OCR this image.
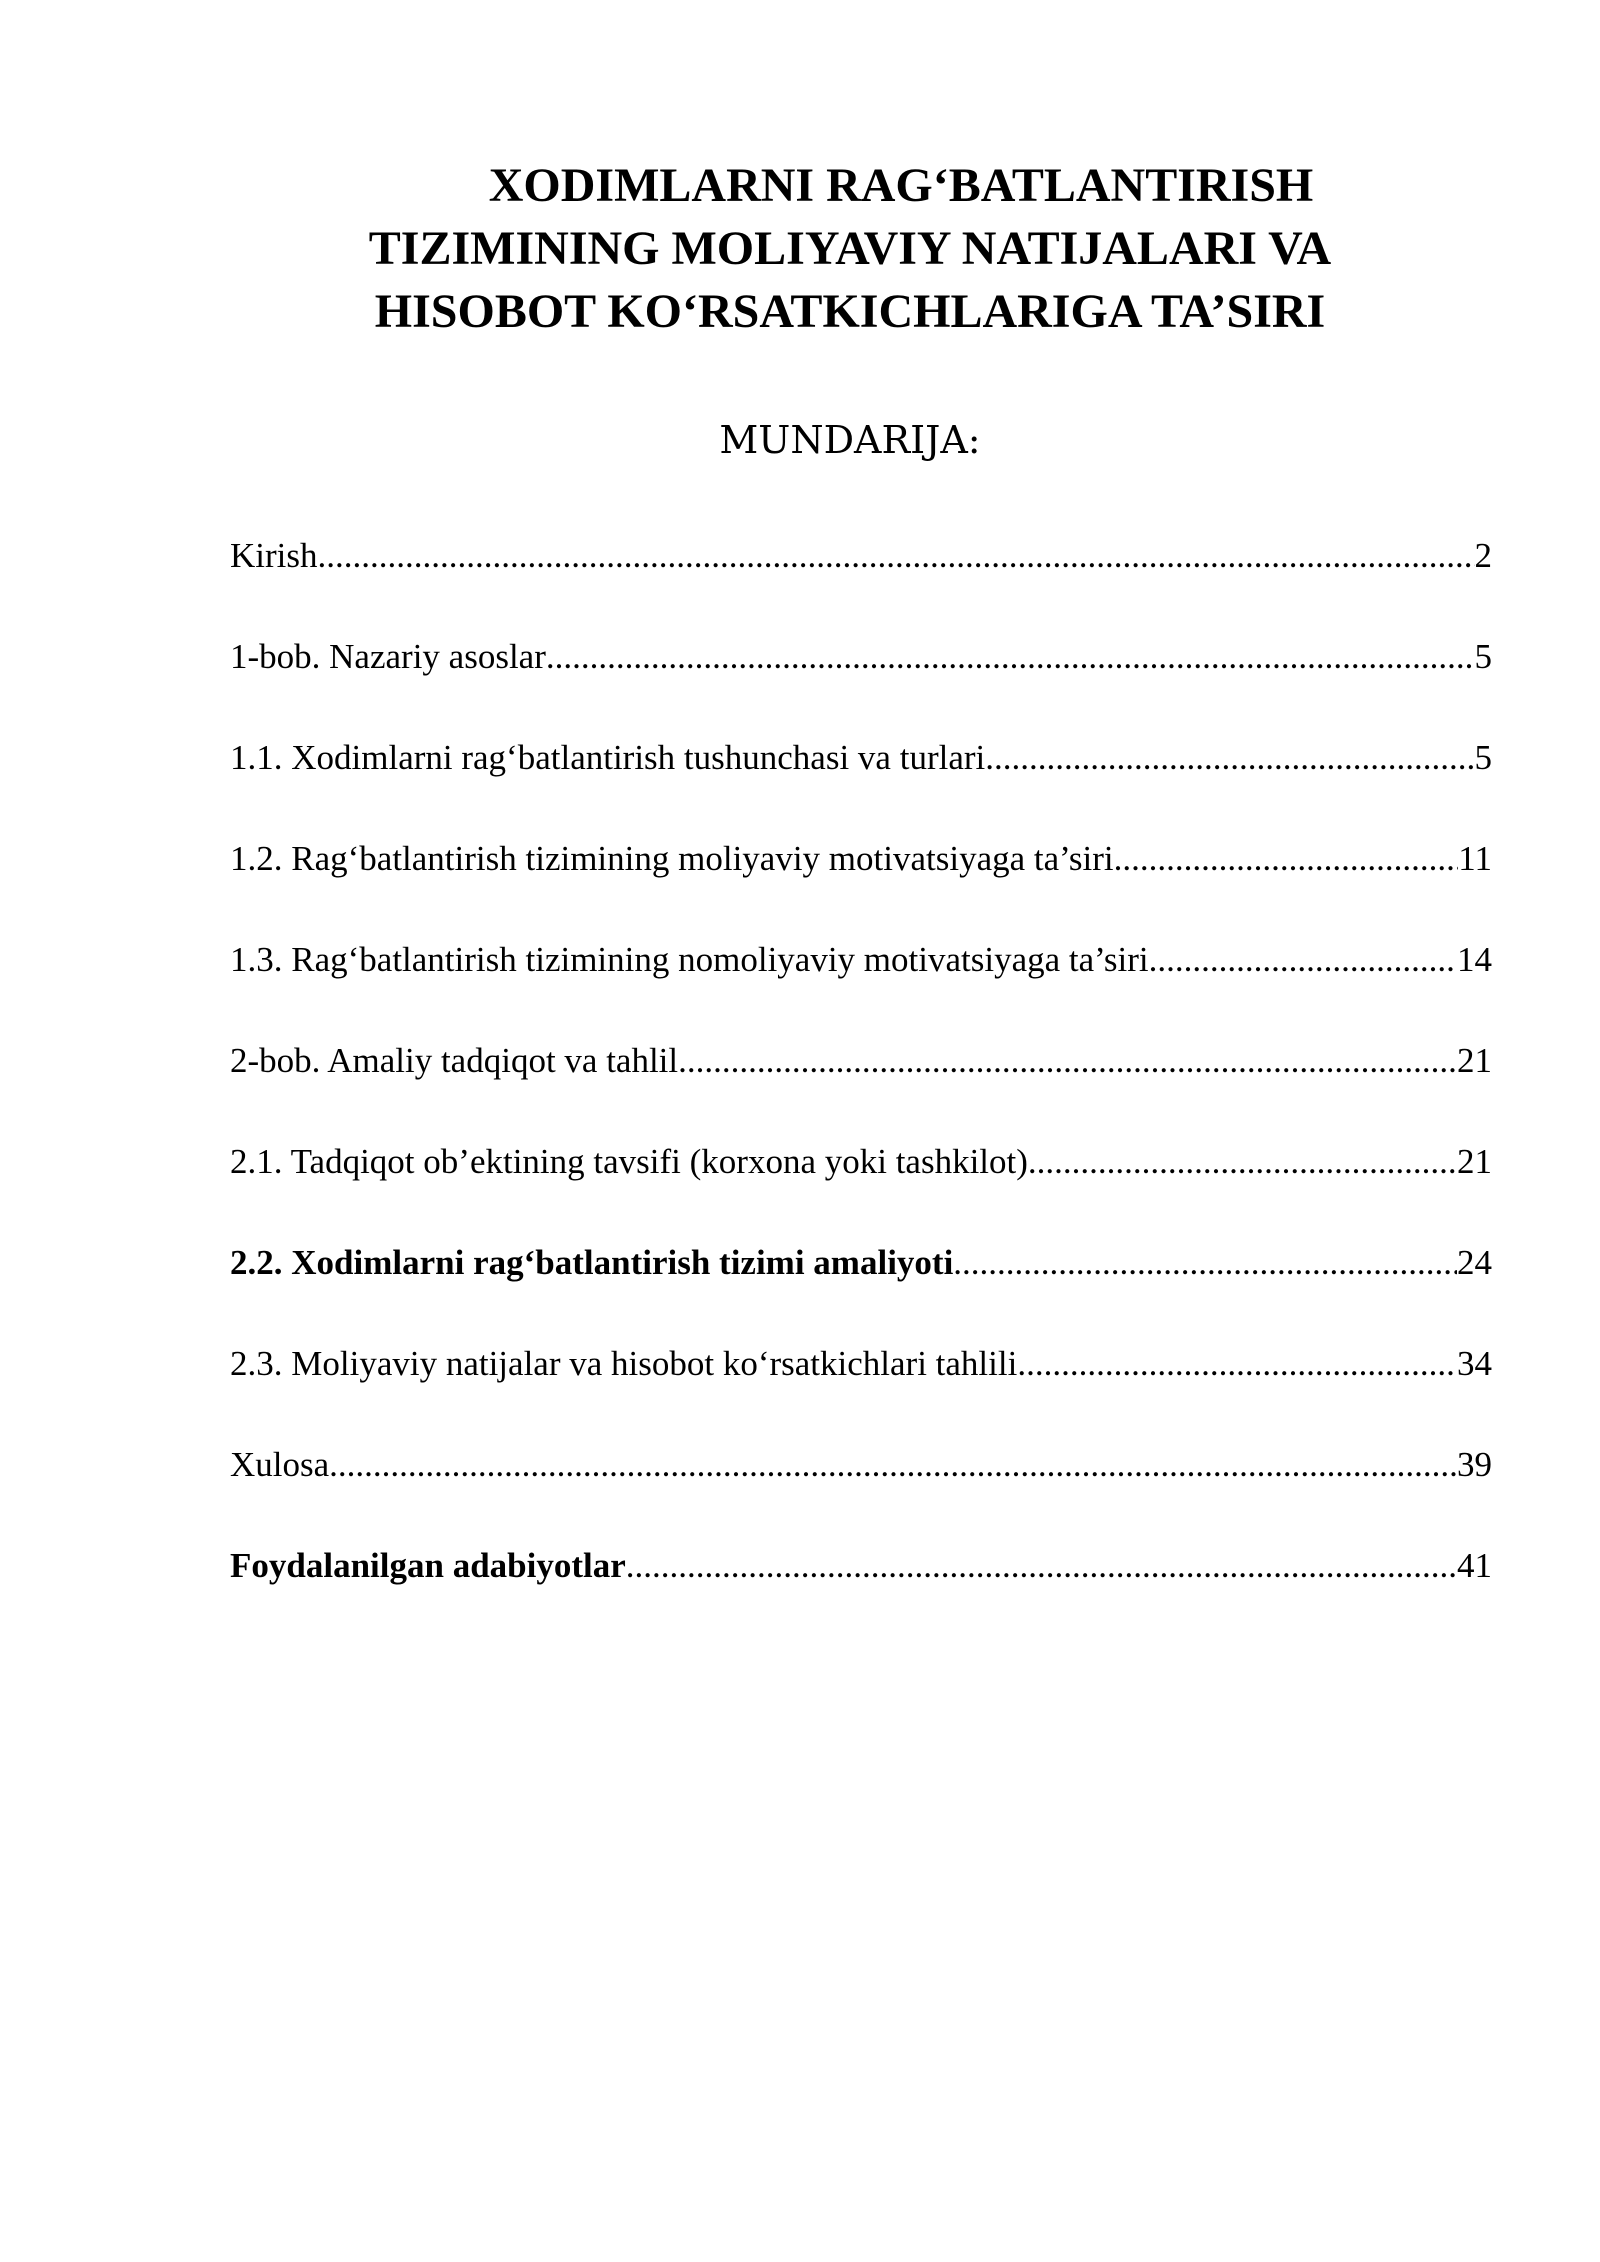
XODIMLARNI RAG‘BATLANTIRISH
TIZIMINING MOLIYAVIY NATIJALARI VA
HISOBOT KO‘RSATKICHLARIGA TA’SIRI
MUNDARIJA:
Kirish .....	2
1-bob. Nazariy asoslar .....	5
1.1. Xodimlarni rag‘batlantirish tushunchasi va turlari .....	5
1.2. Rag‘batlantirish tizimining moliyaviy motivatsiyaga ta’siri .....	11
1.3. Rag‘batlantirish tizimining nomoliyaviy motivatsiyaga ta’siri .....	14
2-bob. Amaliy tadqiqot va tahlil .....	21
2.1. Tadqiqot ob’ektining tavsifi (korxona yoki tashkilot) .....	21
2.2. Xodimlarni rag‘batlantirish tizimi amaliyoti .....	24
2.3. Moliyaviy natijalar va hisobot ko‘rsatkichlari tahlili .....	34
Xulosa .....	39
Foydalanilgan adabiyotlar .....	41
